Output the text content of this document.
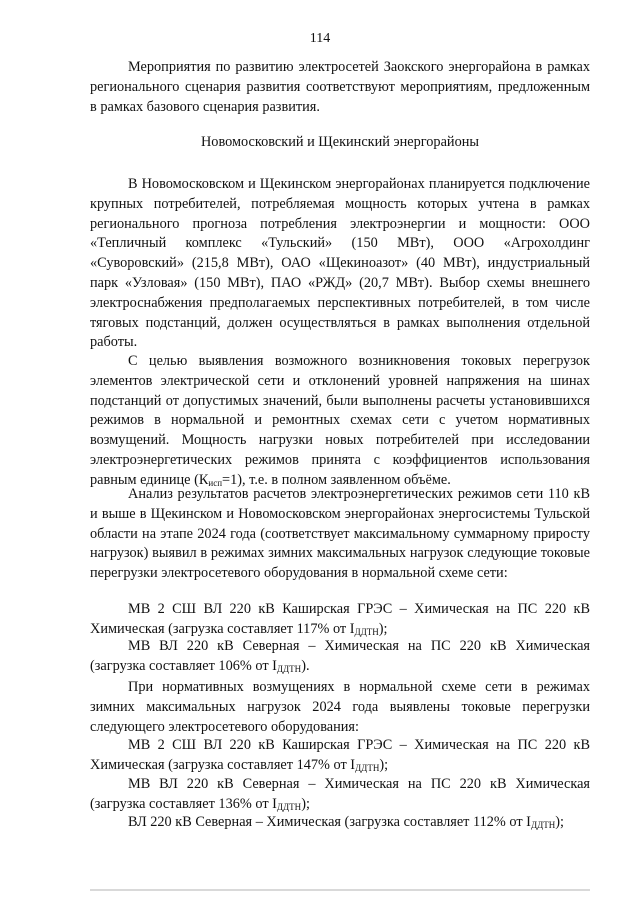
114

Мероприятия по развитию электросетей Заокского энергорайона в рамках регионального сценария развития соответствуют мероприятиям, предложенным в рамках базового сценария развития.

Новомосковский и Щекинский энергорайоны

В Новомосковском и Щекинском энергорайонах планируется подключение крупных потребителей, потребляемая мощность которых учтена в рамках регионального прогноза потребления электроэнергии и мощности: ООО «Тепличный комплекс «Тульский» (150 МВт), ООО «Агрохолдинг «Суворовский» (215,8 МВт), ОАО «Щекиноазот» (40 МВт), индустриальный парк «Узловая» (150 МВт), ПАО «РЖД» (20,7 МВт). Выбор схемы внешнего электроснабжения предполагаемых перспективных потребителей, в том числе тяговых подстанций, должен осуществляться в рамках выполнения отдельной работы.

С целью выявления возможного возникновения токовых перегрузок элементов электрической сети и отклонений уровней напряжения на шинах подстанций от допустимых значений, были выполнены расчеты установившихся режимов в нормальной и ремонтных схемах сети с учетом нормативных возмущений. Мощность нагрузки новых потребителей при исследовании электроэнергетических режимов принята с коэффициентов использования равным единице $(К_{исп}=1)$, т.е. в полном заявленном объёме.

Анализ результатов расчетов электроэнергетических режимов сети 110 кВ и выше в Щекинском и Новомосковском энергорайонах энергосистемы Тульской области на этапе 2024 года (соответствует максимальному суммарному приросту нагрузок) выявил в режимах зимних максимальных нагрузок следующие токовые перегрузки электросетевого оборудования в нормальной схеме сети:

МВ 2 СШ ВЛ 220 кВ Каширская ГРЭС – Химическая на ПС 220 кВ Химическая (загрузка составляет 117% от $I_{ДДТН}$);

МВ ВЛ 220 кВ Северная – Химическая на ПС 220 кВ Химическая (загрузка составляет 106% от $I_{ДДТН}$).

При нормативных возмущениях в нормальной схеме сети в режимах зимних максимальных нагрузок 2024 года выявлены токовые перегрузки следующего электросетевого оборудования:

МВ 2 СШ ВЛ 220 кВ Каширская ГРЭС – Химическая на ПС 220 кВ Химическая (загрузка составляет 147% от $I_{ДДТН}$);

МВ ВЛ 220 кВ Северная – Химическая на ПС 220 кВ Химическая (загрузка составляет 136% от $I_{ДДТН}$);

ВЛ 220 кВ Северная – Химическая (загрузка составляет 112% от $I_{ДДТН}$);
